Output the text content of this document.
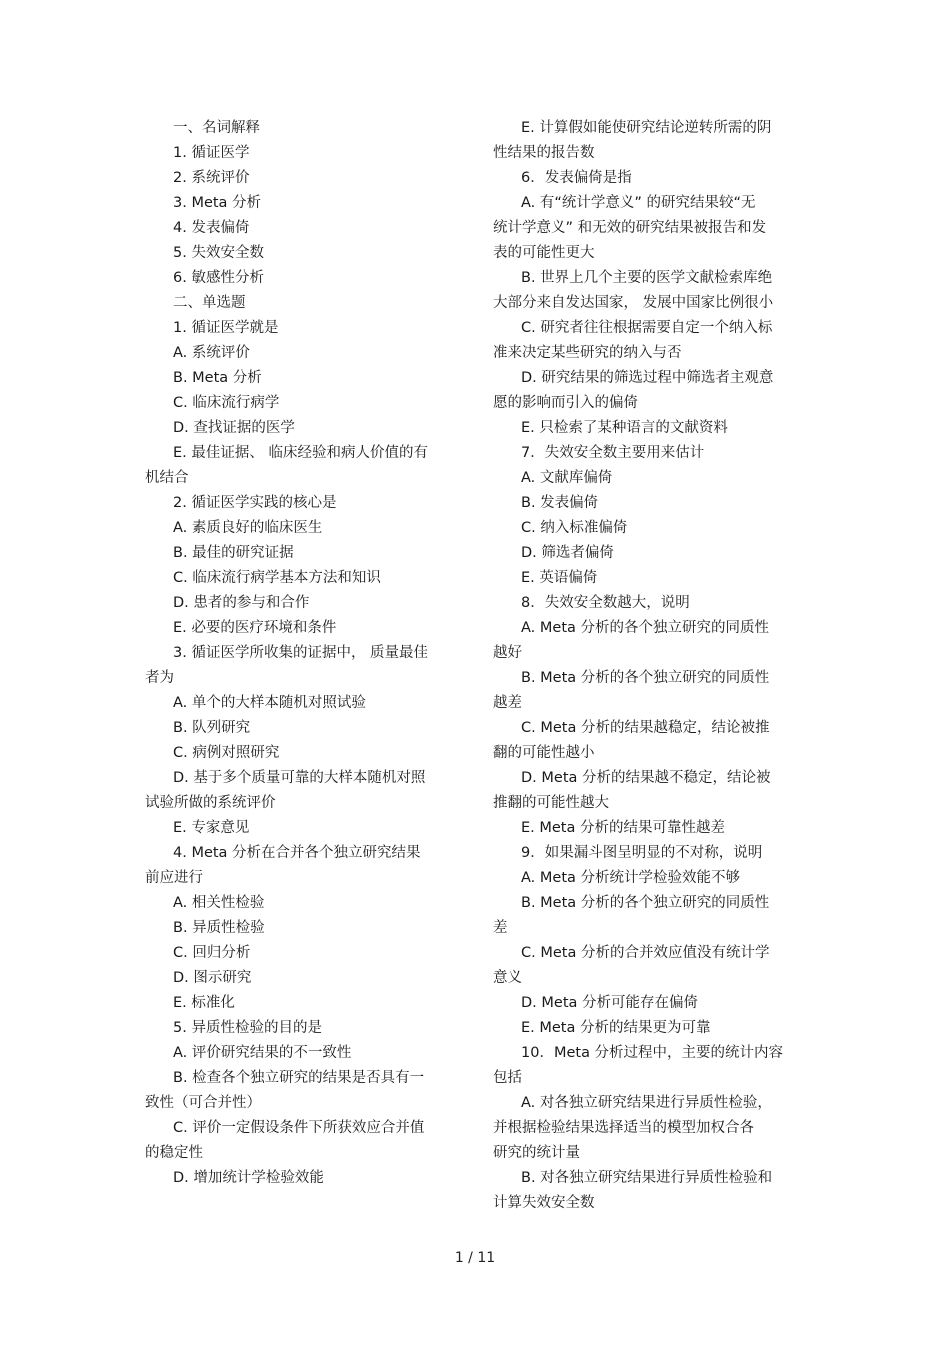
一、名词解释
1. 循证医学
2. 系统评价
3. Meta 分析
4. 发表偏倚
5. 失效安全数
6. 敏感性分析
二、单选题
1. 循证医学就是
A. 系统评价
B. Meta 分析
C. 临床流行病学
D. 查找证据的医学
E. 最佳证据、 临床经验和病人价值的有
机结合
2. 循证医学实践的核心是
A. 素质良好的临床医生
B. 最佳的研究证据
C. 临床流行病学基本方法和知识
D. 患者的参与和合作
E. 必要的医疗环境和条件
3. 循证医学所收集的证据中， 质量最佳
者为
A. 单个的大样本随机对照试验
B. 队列研究
C. 病例对照研究
D. 基于多个质量可靠的大样本随机对照
试验所做的系统评价
E. 专家意见
4. Meta 分析在合并各个独立研究结果
前应进行
A. 相关性检验
B. 异质性检验
C. 回归分析
D. 图示研究
E. 标准化
5. 异质性检验的目的是
A. 评价研究结果的不一致性
B. 检查各个独立研究的结果是否具有一
致性（可合并性）
C. 评价一定假设条件下所获效应合并值
的稳定性
D. 增加统计学检验效能
E. 计算假如能使研究结论逆转所需的阴
性结果的报告数
6．发表偏倚是指
A. 有“统计学意义” 的研究结果较“无
统计学意义” 和无效的研究结果被报告和发
表的可能性更大
B. 世界上几个主要的医学文献检索库绝
大部分来自发达国家， 发展中国家比例很小
C. 研究者往往根据需要自定一个纳入标
准来决定某些研究的纳入与否
D. 研究结果的筛选过程中筛选者主观意
愿的影响而引入的偏倚
E. 只检索了某种语言的文献资料
7．失效安全数主要用来估计
A. 文献库偏倚
B. 发表偏倚
C. 纳入标准偏倚
D. 筛选者偏倚
E. 英语偏倚
8．失效安全数越大，说明
A. Meta 分析的各个独立研究的同质性
越好
B. Meta 分析的各个独立研究的同质性
越差
C. Meta 分析的结果越稳定，结论被推
翻的可能性越小
D. Meta 分析的结果越不稳定，结论被
推翻的可能性越大
E. Meta 分析的结果可靠性越差
9．如果漏斗图呈明显的不对称，说明
A. Meta 分析统计学检验效能不够
B. Meta 分析的各个独立研究的同质性
差
C. Meta 分析的合并效应值没有统计学
意义
D. Meta 分析可能存在偏倚
E. Meta 分析的结果更为可靠
10．Meta 分析过程中，主要的统计内容
包括
A. 对各独立研究结果进行异质性检验，
并根据检验结果选择适当的模型加权合各
研究的统计量
B. 对各独立研究结果进行异质性检验和
计算失效安全数
1 / 11
